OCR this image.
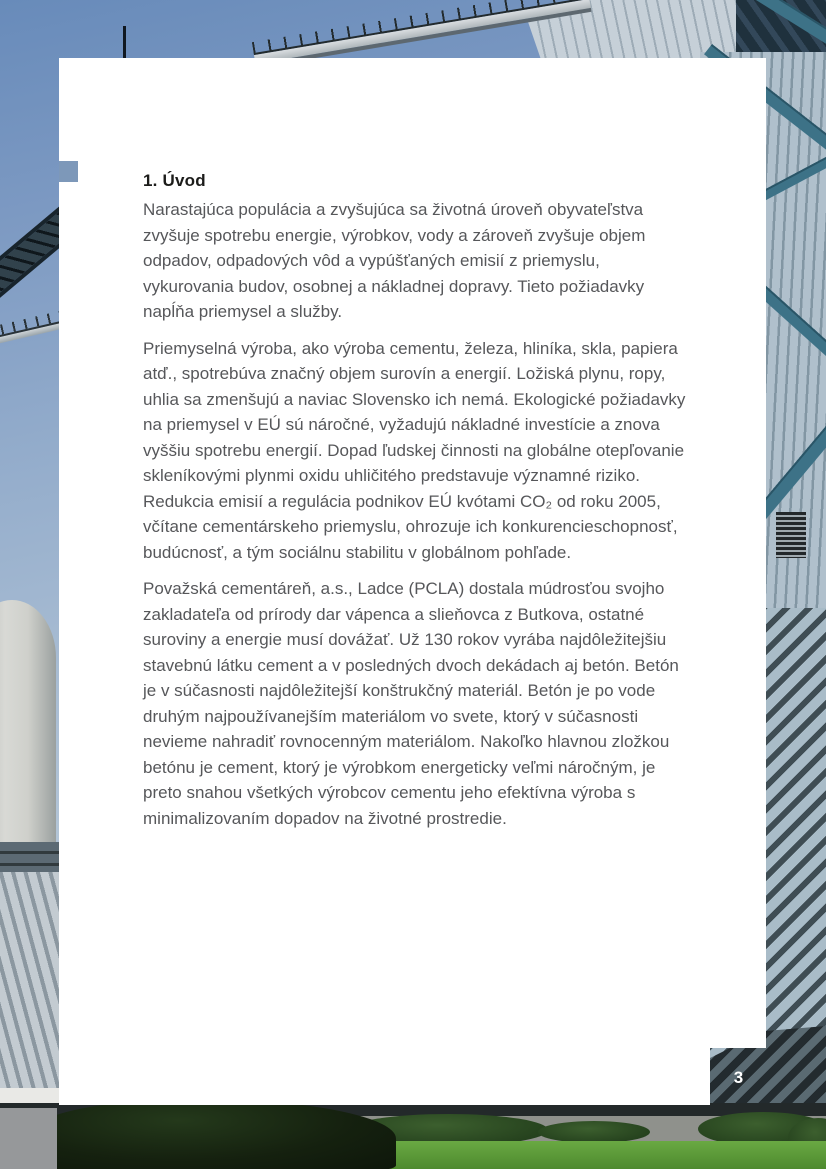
1. Úvod

Narastajúca populácia a zvyšujúca sa životná úroveň obyvateľstva zvyšuje spotrebu energie, výrobkov, vody a zároveň zvyšuje objem odpadov, odpadových vôd a vypúšťaných emisií z priemyslu, vykurovania budov, osobnej a nákladnej dopravy. Tieto požiadavky napĺňa priemysel a služby.

Priemyselná výroba, ako výroba cementu, železa, hliníka, skla, papiera atď., spotrebúva značný objem surovín a energií. Ložiská plynu, ropy, uhlia sa zmenšujú a naviac Slovensko ich nemá. Ekologické požiadavky na priemysel v EÚ sú náročné, vyžadujú nákladné investície a znova vyššiu spotrebu energií. Dopad ľudskej činnosti na globálne otepľovanie skleníkovými plynmi oxidu uhličitého predstavuje významné riziko. Redukcia emisií a regulácia podnikov EÚ kvótami CO₂ od roku 2005, včítane cementárskeho priemyslu, ohrozuje ich konkurencieschopnosť, budúcnosť, a tým sociálnu stabilitu v globálnom pohľade.

Považská cementáreň, a.s., Ladce (PCLA) dostala múdrosťou svojho zakladateľa od prírody dar vápenca a slieňovca z Butkova, ostatné suroviny a energie musí dovážať. Už 130 rokov vyrába najdôležitejšiu stavebnú látku cement a v posledných dvoch dekádach aj betón. Betón je v súčasnosti najdôležitejší konštrukčný materiál. Betón je po vode druhým najpoužívanejším materiálom vo svete, ktorý v súčasnosti nevieme nahradiť rovnocenným materiálom. Nakoľko hlavnou zložkou betónu je cement, ktorý je výrobkom energeticky veľmi náročným, je preto snahou všetkých výrobcov cementu jeho efektívna výroba s minimalizovaním dopadov na životné prostredie.

3
